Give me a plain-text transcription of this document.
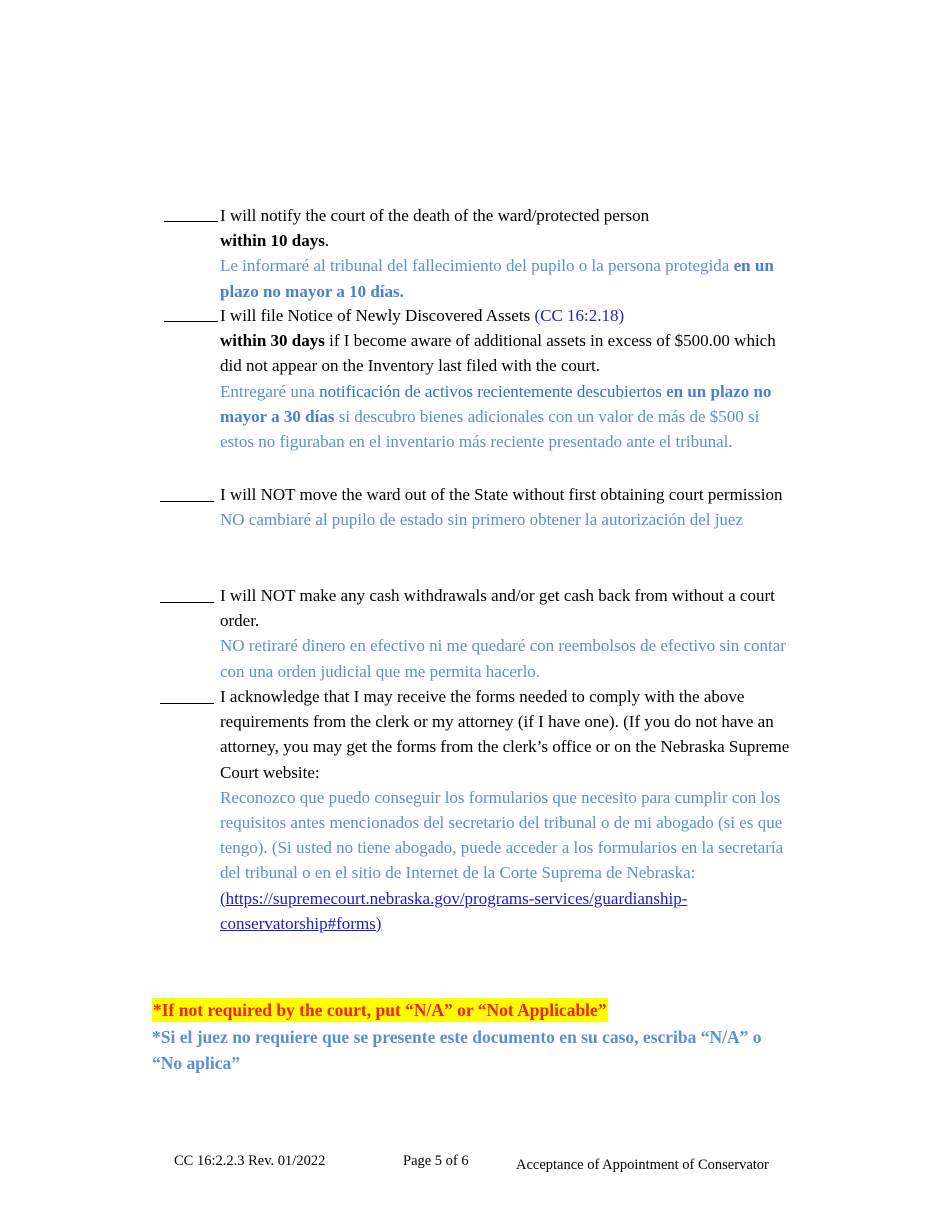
I will notify the court of the death of the ward/protected person
within 10 days.
Le informaré al tribunal del fallecimiento del pupilo o la persona protegida en un plazo no mayor a 10 días.
I will file Notice of Newly Discovered Assets (CC 16:2.18)
within 30 days if I become aware of additional assets in excess of $500.00 which did not appear on the Inventory last filed with the court.
Entregaré una notificación de activos recientemente descubiertos en un plazo no mayor a 30 días si descubro bienes adicionales con un valor de más de $500 si estos no figuraban en el inventario más reciente presentado ante el tribunal.
I will NOT move the ward out of the State without first obtaining court permission
NO cambiaré al pupilo de estado sin primero obtener la autorización del juez
I will NOT make any cash withdrawals and/or get cash back from without a court order.
NO retiraré dinero en efectivo ni me quedaré con reembolsos de efectivo sin contar con una orden judicial que me permita hacerlo.
I acknowledge that I may receive the forms needed to comply with the above requirements from the clerk or my attorney (if I have one). (If you do not have an attorney, you may get the forms from the clerk’s office or on the Nebraska Supreme Court website:
Reconozco que puedo conseguir los formularios que necesito para cumplir con los requisitos antes mencionados del secretario del tribunal o de mi abogado (si es que tengo). (Si usted no tiene abogado, puede acceder a los formularios en la secretaría del tribunal o en el sitio de Internet de la Corte Suprema de Nebraska:
(https://supremecourt.nebraska.gov/programs-services/guardianship-
conservatorship#forms)
*If not required by the court, put “N/A” or “Not Applicable”
*Si el juez no requiere que se presente este documento en su caso, escriba “N/A” o “No aplica”
CC 16:2.2.3 Rev. 01/2022	Page 5 of 6	Acceptance of Appointment of Conservator
